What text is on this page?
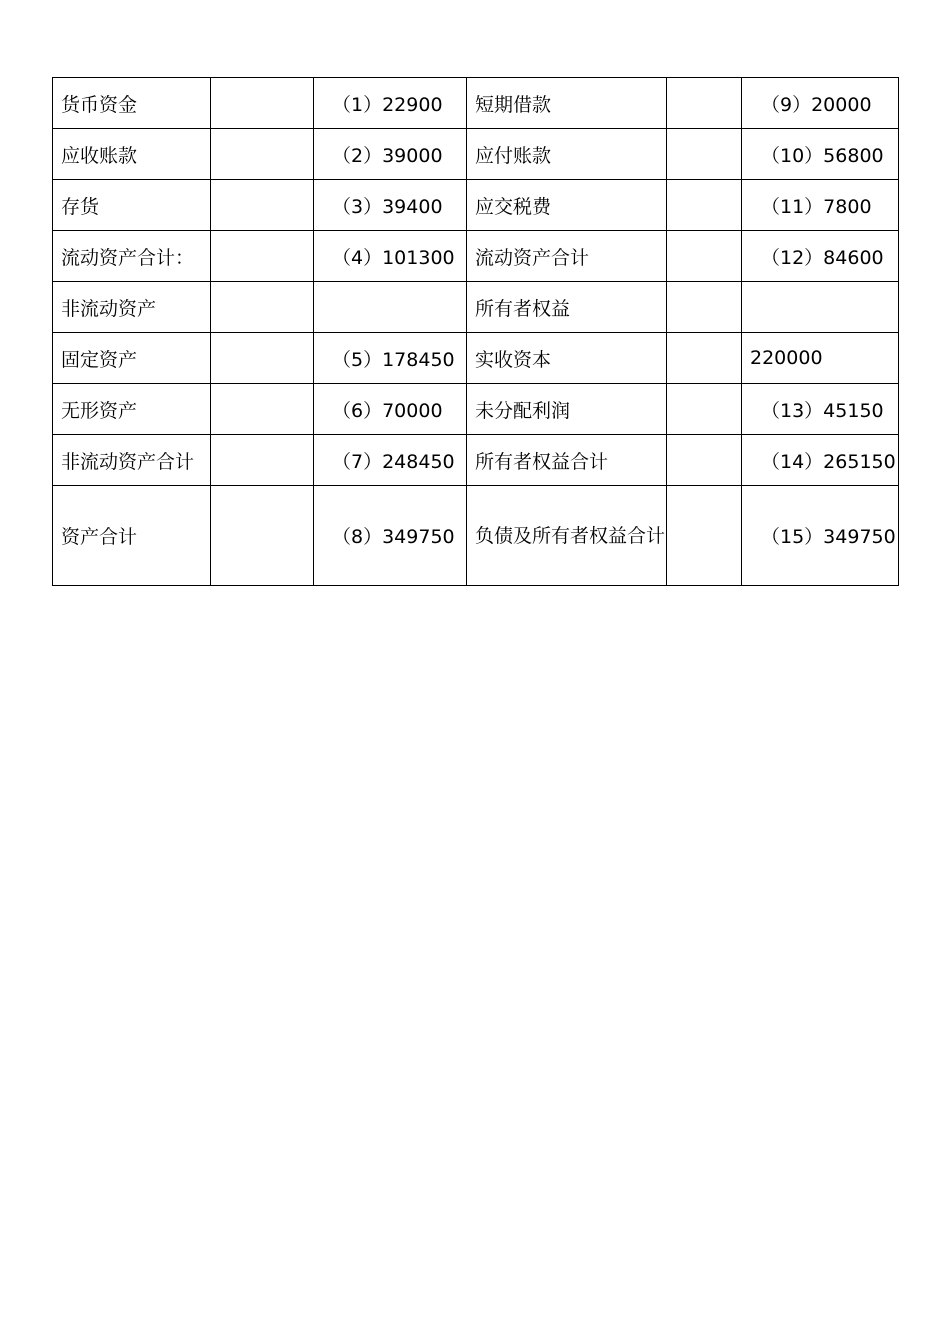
货币资金		（1）22900	短期借款		（9）20000
应收账款		（2）39000	应付账款		（10）56800
存货		（3）39400	应交税费		（11）7800
流动资产合计：		（4）101300	流动资产合计		（12）84600
非流动资产			所有者权益		
固定资产		（5）178450	实收资本		220000
无形资产		（6）70000	未分配利润		（13）45150
非流动资产合计		（7）248450	所有者权益合计		（14）265150
资产合计		（8）349750	负债及所有者权益合计		（15）349750
